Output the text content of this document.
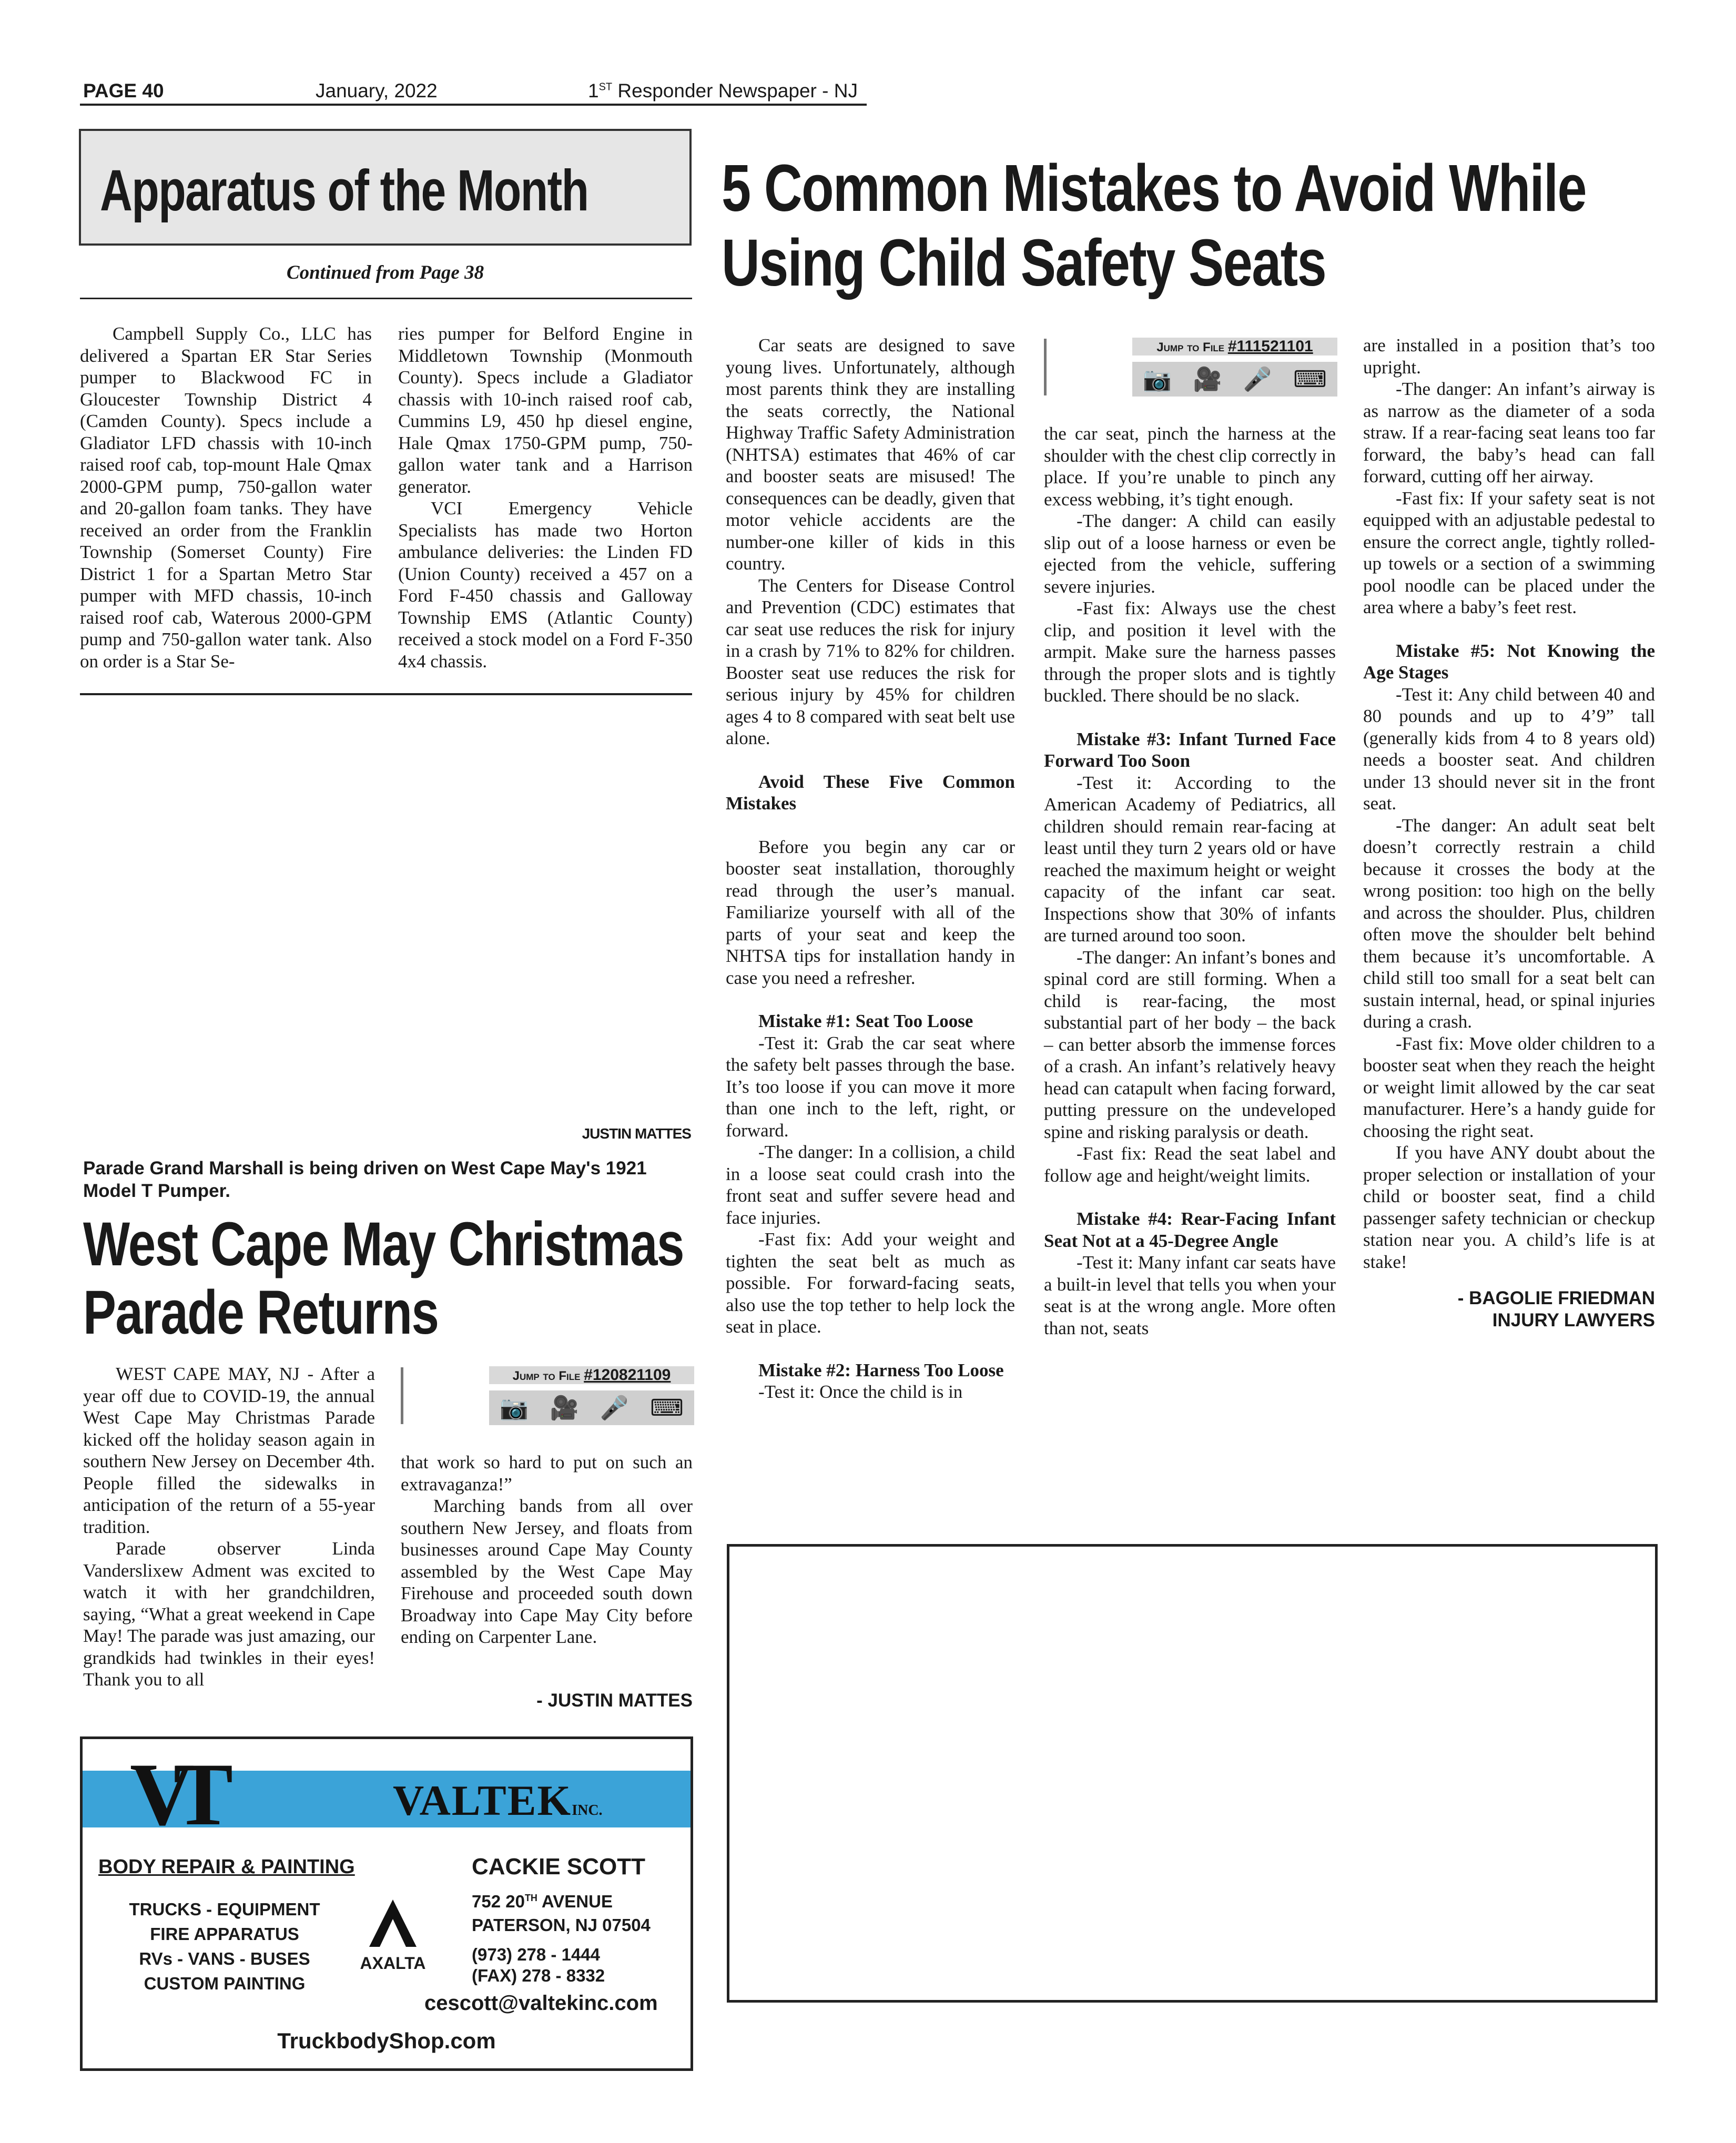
PAGE 40	January, 2022	1ST Responder Newspaper - NJ
Apparatus of the Month
Continued from Page 38

Campbell Supply Co., LLC has delivered a Spartan ER Star Series pumper to Blackwood FC in Gloucester Township District 4 (Camden County). Specs include a Gladiator LFD chassis with 10-inch raised roof cab, top-mount Hale Qmax 2000-GPM pump, 750-gallon water and 20-gallon foam tanks. They have received an order from the Franklin Township (Somerset County) Fire District 1 for a Spartan Metro Star pumper with MFD chassis, 10-inch raised roof cab, Waterous 2000-GPM pump and 750-gallon water tank. Also on order is a Star Se-

ries pumper for Belford Engine in Middletown Township (Monmouth County). Specs include a Gladiator chassis with 10-inch raised roof cab, Cummins L9, 450 hp diesel engine, Hale Qmax 1750-GPM pump, 750-gallon water tank and a Harrison generator.

VCI Emergency Vehicle Specialists has made two Horton ambulance deliveries: the Linden FD (Union County) received a 457 on a Ford F-450 chassis and Galloway Township EMS (Atlantic County) received a stock model on a Ford F-350 4x4 chassis.

JUSTIN MATTES
Parade Grand Marshall is being driven on West Cape May's 1921 Model T Pumper.
West Cape May Christmas
Parade Returns

WEST CAPE MAY, NJ - After a year off due to COVID-19, the annual West Cape May Christmas Parade kicked off the holiday season again in southern New Jersey on December 4th. People filled the sidewalks in anticipation of the return of a 55-year tradition.

Parade observer Linda Vanderslixew Adment was excited to watch it with her grandchildren, saying, “What a great weekend in Cape May! The parade was just amazing, our grandkids had twinkles in their eyes! Thank you to all

Jump to File #120821109
📷 🎥 🎤 ⌨

that work so hard to put on such an extravaganza!”

Marching bands from all over southern New Jersey, and floats from businesses around Cape May County assembled by the West Cape May Firehouse and proceeded south down Broadway into Cape May City before ending on Carpenter Lane.

- JUSTIN MATTES
VT	VALTEKINC.
BODY REPAIR & PAINTING
TRUCKS - EQUIPMENT
FIRE APPARATUS
RVs - VANS - BUSES
CUSTOM PAINTING
AXALTA
CACKIE SCOTT
752 20TH AVENUE
PATERSON, NJ 07504
(973) 278 - 1444
(FAX) 278 - 8332
cescott@valtekinc.com
TruckbodyShop.com
5 Common Mistakes to Avoid While
Using Child Safety Seats

Car seats are designed to save young lives. Unfortunately, although most parents think they are installing the seats correctly, the National Highway Traffic Safety Administration (NHTSA) estimates that 46% of car and booster seats are misused! The consequences can be deadly, given that motor vehicle accidents are the number-one killer of kids in this country.

The Centers for Disease Control and Prevention (CDC) estimates that car seat use reduces the risk for injury in a crash by 71% to 82% for children. Booster seat use reduces the risk for serious injury by 45% for children ages 4 to 8 compared with seat belt use alone.

Avoid These Five Common Mistakes

Before you begin any car or booster seat installation, thoroughly read through the user’s manual. Familiarize yourself with all of the parts of your seat and keep the NHTSA tips for installation handy in case you need a refresher.

Mistake #1: Seat Too Loose

-Test it: Grab the car seat where the safety belt passes through the base. It’s too loose if you can move it more than one inch to the left, right, or forward.

-The danger: In a collision, a child in a loose seat could crash into the front seat and suffer severe head and face injuries.

-Fast fix: Add your weight and tighten the seat belt as much as possible. For forward-facing seats, also use the top tether to help lock the seat in place.

Mistake #2: Harness Too Loose

-Test it: Once the child is in

Jump to File #111521101
📷 🎥 🎤 ⌨

the car seat, pinch the harness at the shoulder with the chest clip correctly in place. If you’re unable to pinch any excess webbing, it’s tight enough.

-The danger: A child can easily slip out of a loose harness or even be ejected from the vehicle, suffering severe injuries.

-Fast fix: Always use the chest clip, and position it level with the armpit. Make sure the harness passes through the proper slots and is tightly buckled. There should be no slack.

Mistake #3: Infant Turned Face Forward Too Soon

-Test it: According to the American Academy of Pediatrics, all children should remain rear-facing at least until they turn 2 years old or have reached the maximum height or weight capacity of the infant car seat. Inspections show that 30% of infants are turned around too soon.

-The danger: An infant’s bones and spinal cord are still forming. When a child is rear-facing, the most substantial part of her body – the back – can better absorb the immense forces of a crash. An infant’s relatively heavy head can catapult when facing forward, putting pressure on the undeveloped spine and risking paralysis or death.

-Fast fix: Read the seat label and follow age and height/weight limits.

Mistake #4: Rear-Facing Infant Seat Not at a 45-Degree Angle

-Test it: Many infant car seats have a built-in level that tells you when your seat is at the wrong angle. More often than not, seats

are installed in a position that’s too upright.

-The danger: An infant’s airway is as narrow as the diameter of a soda straw. If a rear-facing seat leans too far forward, the baby’s head can fall forward, cutting off her airway.

-Fast fix: If your safety seat is not equipped with an adjustable pedestal to ensure the correct angle, tightly rolled-up towels or a section of a swimming pool noodle can be placed under the area where a baby’s feet rest.

Mistake #5: Not Knowing the Age Stages

-Test it: Any child between 40 and 80 pounds and up to 4’9” tall (generally kids from 4 to 8 years old) needs a booster seat. And children under 13 should never sit in the front seat.

-The danger: An adult seat belt doesn’t correctly restrain a child because it crosses the body at the wrong position: too high on the belly and across the shoulder. Plus, children often move the shoulder belt behind them because it’s uncomfortable. A child still too small for a seat belt can sustain internal, head, or spinal injuries during a crash.

-Fast fix: Move older children to a booster seat when they reach the height or weight limit allowed by the car seat manufacturer. Here’s a handy guide for choosing the right seat.

If you have ANY doubt about the proper selection or installation of your child or booster seat, find a child passenger safety technician or checkup station near you. A child’s life is at stake!

- BAGOLIE FRIEDMAN
INJURY LAWYERS
